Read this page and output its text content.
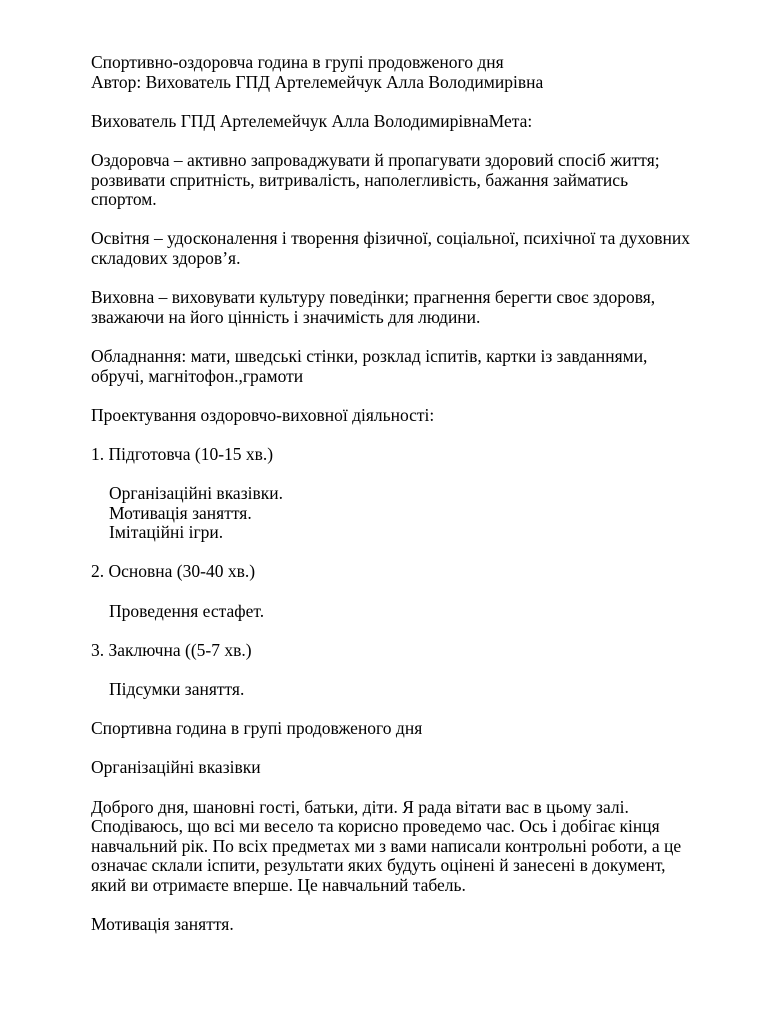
Спортивно-оздоровча година в групі продовженого дня
Автор: Вихователь ГПД Артелемейчук Алла Володимирівна
Вихователь ГПД Артелемейчук Алла ВолодимирівнаМета:
Оздоровча – активно запроваджувати й пропагувати здоровий спосіб життя;
розвивати спритність, витривалість, наполегливість, бажання займатись
спортом.
Освітня – удосконалення і творення фізичної, соціальної, психічної та духовних
складових здоров’я.
Виховна – виховувати культуру поведінки; прагнення берегти своє здоровя,
зважаючи на його цінність і значимість для людини.
Обладнання: мати, шведські стінки, розклад іспитів, картки із завданнями,
обручі, магнітофон.,грамоти
Проектування оздоровчо-виховної діяльності:
1. Підготовча (10-15 хв.)
Організаційні вказівки.
Мотивація заняття.
Імітаційні ігри.
2. Основна (30-40 хв.)
Проведення естафет.
3. Заключна ((5-7 хв.)
Підсумки заняття.
Спортивна година в групі продовженого дня
Організаційні вказівки
Доброго дня, шановні гості, батьки, діти. Я рада вітати вас в цьому залі.
Сподіваюсь, що всі ми весело та корисно проведемо час. Ось і добігає кінця
навчальний рік. По всіх предметах ми з вами написали контрольні роботи, а це
означає склали іспити, результати яких будуть оцінені й занесені в документ,
який ви отримаєте вперше. Це навчальний табель.
Мотивація заняття.
